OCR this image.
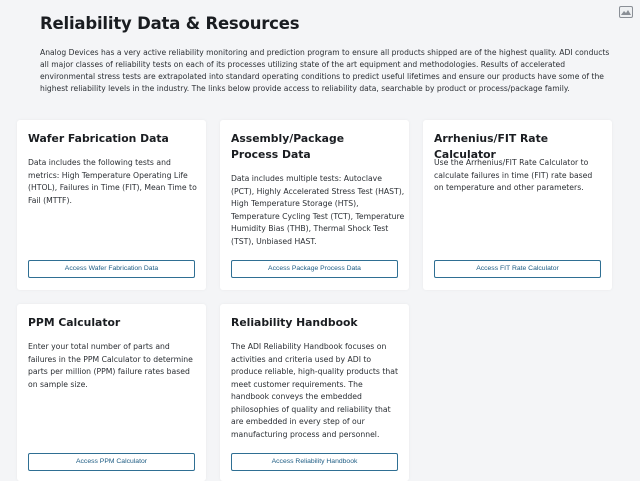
Reliability Data & Resources

Analog Devices has a very active reliability monitoring and prediction program to ensure all products shipped are of the highest quality. ADI conducts all major classes of reliability tests on each of its processes utilizing state of the art equipment and methodologies. Results of accelerated environmental stress tests are extrapolated into standard operating conditions to predict useful lifetimes and ensure our products have some of the highest reliability levels in the industry. The links below provide access to reliability data, searchable by product or process/package family.

Wafer Fabrication Data
Data includes the following tests and metrics: High Temperature Operating Life (HTOL), Failures in Time (FIT), Mean Time to Fail (MTTF).
Access Wafer Fabrication Data
Assembly/Package Process Data
Data includes multiple tests: Autoclave (PCT), Highly Accelerated Stress Test (HAST), High Temperature Storage (HTS), Temperature Cycling Test (TCT), Temperature Humidity Bias (THB), Thermal Shock Test (TST), Unbiased HAST.
Access Package Process Data
Arrhenius/FIT Rate Calculator
Use the Arrhenius/FIT Rate Calculator to calculate failures in time (FIT) rate based on temperature and other parameters.
Access FIT Rate Calculator
PPM Calculator
Enter your total number of parts and failures in the PPM Calculator to determine parts per million (PPM) failure rates based on sample size.
Access PPM Calculator
Reliability Handbook
The ADI Reliability Handbook focuses on activities and criteria used by ADI to produce reliable, high-quality products that meet customer requirements. The handbook conveys the embedded philosophies of quality and reliability that are embedded in every step of our manufacturing process and personnel.
Access Reliability Handbook
